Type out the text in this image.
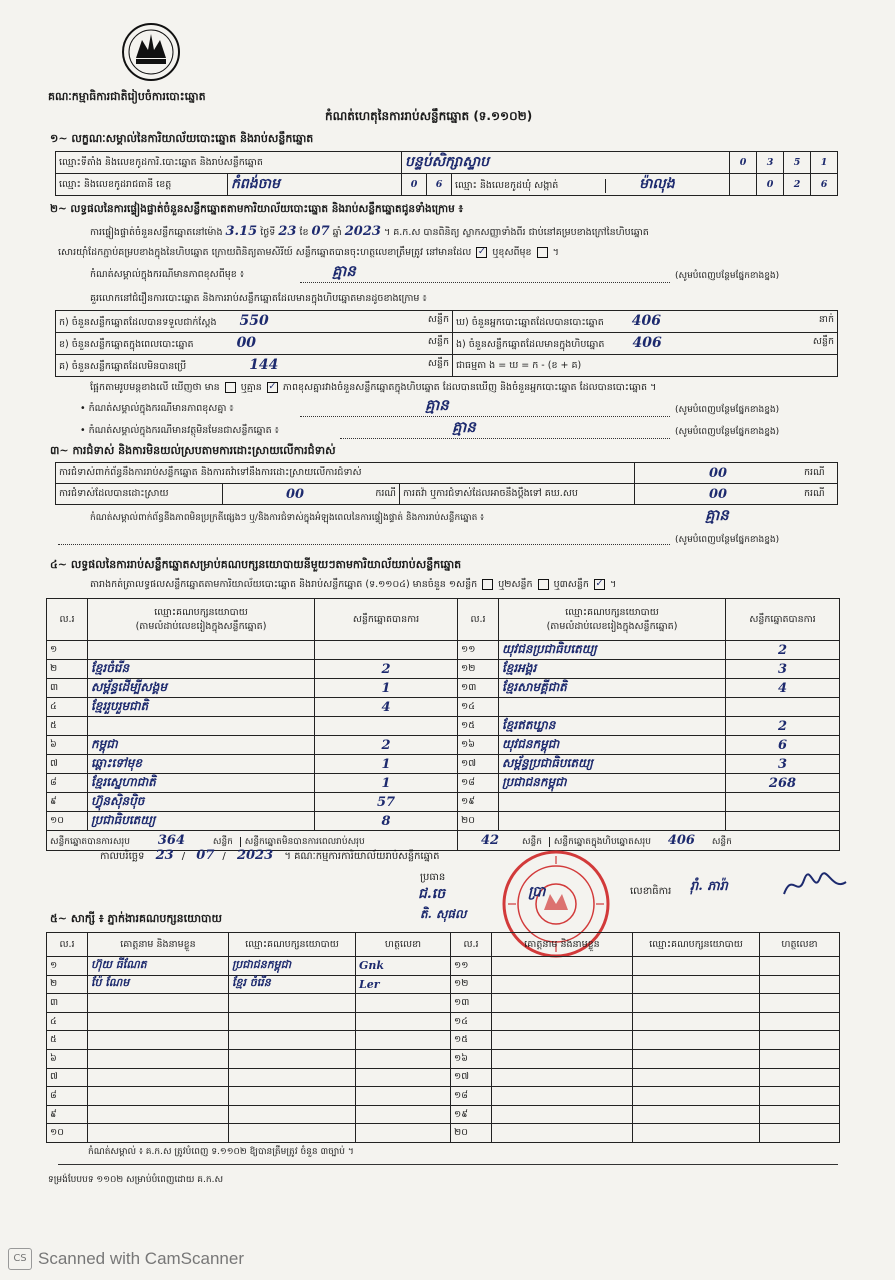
គណៈកម្មាធិការជាតិរៀបចំការបោះឆ្នោត
កំណត់ហេតុនៃការរាប់សន្លឹកឆ្នោត (ទ.១១០២)
១~ លក្ខណៈសម្គាល់នៃការិយាល័យបោះឆ្នោត និងរាប់សន្លឹកឆ្នោត
ឈ្មោះទីតាំង និងលេខកូដការិ.បោះឆ្នោត និងរាប់សន្លឹកឆ្នោត		បន្ទប់សិក្សាស្ទាប			0	3	5	1
ឈ្មោះ និងលេខកូដរាជធានី ខេត្ត	កំពង់ចាម	0	6	ឈ្មោះ និងលេខកូដឃុំ សង្កាត់ ម៉ាលុង		0	2	6
២~ លទ្ធផលនៃការផ្ទៀងផ្ទាត់ចំនួនសន្លឹកឆ្នោតតាមការិយាល័យបោះឆ្នោត និងរាប់សន្លឹកឆ្នោតជូនទាំងក្រោម ៖
ការផ្ទៀងផ្ទាត់ចំនួនសន្លឹកឆ្នោតនៅម៉ោង 3.15 ថ្ងៃទី 23 ខែ 07 ឆ្នាំ 2023 ។ គ.ក.ស បានពិនិត្យ ស្លាកសញ្ញាទាំងពីរ ជាប់នៅគម្របខាងក្រៅនៃហិបឆ្នោត
សោរយ៉ាំដែកភ្ជាប់គម្របខាងក្នុងនៃហិបឆ្នោត ក្រោយពិនិត្យតាមសិរីយ៍ សន្លឹកឆ្នោតបានចុះហត្ថលេខាត្រឹមត្រូវ នៅមានដែល ✓ ឬខុសពីមុខ  ។
កំណត់សម្គាល់ក្នុងករណីមានភាពខុសពីមុខ ៖	គ្មាន	(សូមបំពេញបន្ថែមផ្នែកខាងខ្នង)
គួរលោកនៅជំរឿនការបោះឆ្នោត និងការរាប់សន្លឹកឆ្នោតដែលមានក្នុងហិបឆ្នោតមានដូចខាងក្រោម ៖
ក) ចំនួនសន្លឹកឆ្នោតដែលបានទទួលជាក់ស្តែង 550 សន្លឹក	ឃ) ចំនួនអ្នកបោះឆ្នោតដែលបានបោះឆ្នោត 406 នាក់

ខ) ចំនួនសន្លឹកឆ្នោតក្នុងពេលបោះឆ្នោត 00 សន្លឹក	ង) ចំនួនសន្លឹកឆ្នោតដែលមានក្នុងហិបឆ្នោត 406 សន្លឹក

គ) ចំនួនសន្លឹកឆ្នោតដែលមិនបានប្រើ 144 សន្លឹក	ជាធម្មតា ង = ឃ = ក - (ខ + គ)
ផ្អែកតាមរូបមន្តខាងលើ ឃើញថា មាន ឬគ្មាន ✓ ភាពខុសគ្នារវាងចំនួនសន្លឹកឆ្នោតក្នុងហិបឆ្នោត ដែលបានឃើញ និងចំនួនអ្នកបោះឆ្នោត ដែលបានបោះឆ្នោត ។
• កំណត់សម្គាល់ក្នុងករណីមានភាពខុសគ្នា ៖	គ្មាន	(សូមបំពេញបន្ថែមផ្នែកខាងខ្នង)
• កំណត់សម្គាល់ក្នុងករណីមានវត្ថុមិនមែនជាសន្លឹកឆ្នោត ៖	គ្មាន	(សូមបំពេញបន្ថែមផ្នែកខាងខ្នង)
៣~ ការជំទាស់ និងការមិនយល់ស្របតាមការដោះស្រាយលើការជំទាស់
ការជំទាស់ពាក់ព័ន្ធនឹងការរាប់សន្លឹកឆ្នោត និងការតវ៉ាទៅនឹងការដោះស្រាយលើការជំទាស់			00	ករណី
ការជំទាស់ដែលបានដោះស្រាយ	00 ករណី	ការតវ៉ា ឬការជំទាស់ដែលអាចនឹងប្តឹងទៅ គឃ.សប	00	ករណី
កំណត់សម្គាល់ពាក់ព័ន្ធនឹងភាពមិនប្រក្រតីផ្សេងៗ ឬ/និងការជំទាស់ក្នុងអំឡុងពេលនៃការផ្ទៀងផ្ទាត់ និងការរាប់សន្លឹកឆ្នោត ៖	គ្មាន
(សូមបំពេញបន្ថែមផ្នែកខាងខ្នង)
៤~ លទ្ធផលនៃការរាប់សន្លឹកឆ្នោតសម្រាប់គណបក្សនយោបាយនីមួយៗតាមការិយាល័យរាប់សន្លឹកឆ្នោត
តារាងកត់ត្រាលទ្ធផលសន្លឹកឆ្នោតតាមការិយាល័យបោះឆ្នោត និងរាប់សន្លឹកឆ្នោត (ទ.១១០៤) មានចំនួន ១សន្លឹក ឬ២សន្លឹក ឬ៣សន្លឹក ✓ ។
ល.រ	ឈ្មោះគណបក្សនយោបាយ
(តាមលំដាប់លេខរៀងក្នុងសន្លឹកឆ្នោត)	សន្លឹកឆ្នោតបានការ	ល.រ	ឈ្មោះគណបក្សនយោបាយ
(តាមលំដាប់លេខរៀងក្នុងសន្លឹកឆ្នោត)	សន្លឹកឆ្នោតបានការ
១			១១	យុវជនប្រជាធិបតេយ្យ	2
២	ខ្មែរចំរើន	2	១២	ខ្មែរអង្គរ	3
៣	សម្ព័ន្ធដើម្បីសង្គម	1	១៣	ខ្មែរសាមគ្គីជាតិ	4
៤	ខ្មែររួបរួមជាតិ	4	១៤		
៥			១៥	ខ្មែរឥតឃ្លាន	2
៦	កម្ពុជា	2	១៦	យុវជនកម្ពុជា	6
៧	ឆ្ពោះទៅមុខ	1	១៧	សម្ព័ន្ធប្រជាធិបតេយ្យ	3
៨	ខ្មែរស្នេហាជាតិ	1	១៨	ប្រជាជនកម្ពុជា	268
៩	ហ៊្វុនស៊ិនប៉ិច	57	១៩		
១០	ប្រជាធិបតេយ្យ	8	២០		
សន្លឹកឆ្នោតបានការសរុប 364 សន្លឹក សន្លឹកឆ្នោតមិនបានការពេលរាប់សរុប			42 សន្លឹក សន្លឹកឆ្នោតក្នុងហិបឆ្នោតសរុប 406 សន្លឹក		
កាលបរិច្ឆេទ 23 / 07 / 2023 ។ គណៈកម្មការការិយាល័យរាប់សន្លឹកឆ្នោត
ប្រធាន
ជ.ចេ
តិ. សុផល
ប្រា	លេខាធិការ រ៉ាំ. ភារ៉ា
៥~ សាក្សី ៖ ភ្នាក់ងារគណបក្សនយោបាយ
ល.រ	គោត្តនាម និងនាមខ្លួន	ឈ្មោះគណបក្សនយោបាយ	ហត្ថលេខា	ល.រ	គោត្តនាម និងនាមខ្លួន	ឈ្មោះគណបក្សនយោបាយ	ហត្ថលេខា
១	ហ៊ុយ ធីណែត	ប្រជាជនកម្ពុជា	Gnk	១១			
២	ប៉ែ ណែម	ខ្មែរ ចំរើន	Ler	១២			
៣				១៣			
៤				១៤			
៥				១៥			
៦				១៦			
៧				១៧			
៨				១៨			
៩				១៩			
១០				២០			
កំណត់សម្គាល់ ៖ គ.ក.ស ត្រូវបំពេញ ទ.១១០២ ឱ្យបានត្រឹមត្រូវ ចំនួន ៣ច្បាប់ ។
ទម្រង់បែបបទ ១១០២ សម្រាប់បំពេញដោយ គ.ក.ស
CS Scanned with CamScanner
